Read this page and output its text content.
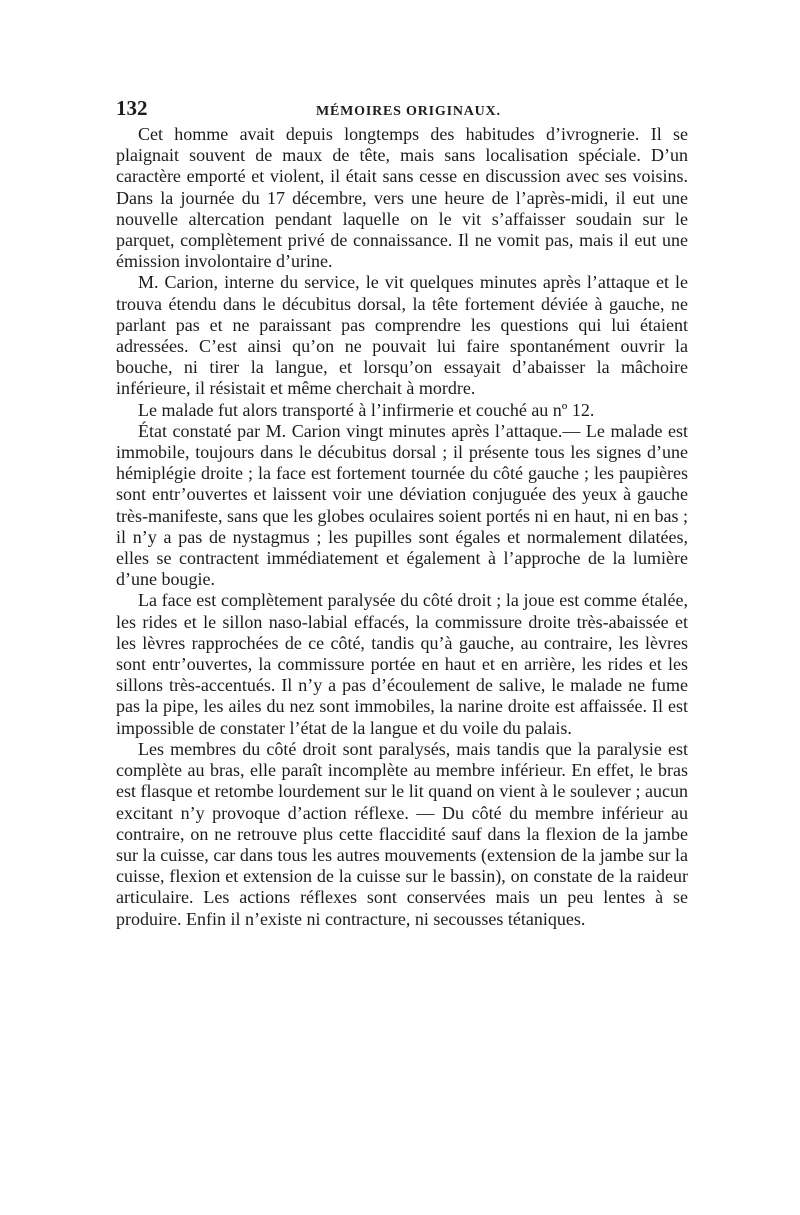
132	MÉMOIRES ORIGINAUX.

Cet homme avait depuis longtemps des habitudes d’ivrognerie. Il se plaignait souvent de maux de tête, mais sans localisation spéciale. D’un caractère emporté et violent, il était sans cesse en discussion avec ses voisins. Dans la journée du 17 décembre, vers une heure de l’après-midi, il eut une nouvelle altercation pendant laquelle on le vit s’affaisser soudain sur le parquet, complètement privé de connaissance. Il ne vomit pas, mais il eut une émission involontaire d’urine.

M. Carion, interne du service, le vit quelques minutes après l’attaque et le trouva étendu dans le décubitus dorsal, la tête fortement déviée à gauche, ne parlant pas et ne paraissant pas comprendre les questions qui lui étaient adressées. C’est ainsi qu’on ne pouvait lui faire spontanément ouvrir la bouche, ni tirer la langue, et lorsqu’on essayait d’abaisser la mâchoire inférieure, il résistait et même cherchait à mordre.

Le malade fut alors transporté à l’infirmerie et couché au nº 12.

État constaté par M. Carion vingt minutes après l’attaque.— Le malade est immobile, toujours dans le décubitus dorsal ; il présente tous les signes d’une hémiplégie droite ; la face est fortement tournée du côté gauche ; les paupières sont entr’ouvertes et laissent voir une déviation conjuguée des yeux à gauche très-manifeste, sans que les globes oculaires soient portés ni en haut, ni en bas ; il n’y a pas de nystagmus ; les pupilles sont égales et normalement dilatées, elles se contractent immédiatement et également à l’approche de la lumière d’une bougie.

La face est complètement paralysée du côté droit ; la joue est comme étalée, les rides et le sillon naso-labial effacés, la commissure droite très-abaissée et les lèvres rapprochées de ce côté, tandis qu’à gauche, au contraire, les lèvres sont entr’ouvertes, la commissure portée en haut et en arrière, les rides et les sillons très-accentués. Il n’y a pas d’écoulement de salive, le malade ne fume pas la pipe, les ailes du nez sont immobiles, la narine droite est affaissée. Il est impossible de constater l’état de la langue et du voile du palais.

Les membres du côté droit sont paralysés, mais tandis que la paralysie est complète au bras, elle paraît incomplète au membre inférieur. En effet, le bras est flasque et retombe lourdement sur le lit quand on vient à le soulever ; aucun excitant n’y provoque d’action réflexe. — Du côté du membre inférieur au contraire, on ne retrouve plus cette flaccidité sauf dans la flexion de la jambe sur la cuisse, car dans tous les autres mouvements (extension de la jambe sur la cuisse, flexion et extension de la cuisse sur le bassin), on constate de la raideur articulaire. Les actions réflexes sont conservées mais un peu lentes à se produire. Enfin il n’existe ni contracture, ni secousses tétaniques.
